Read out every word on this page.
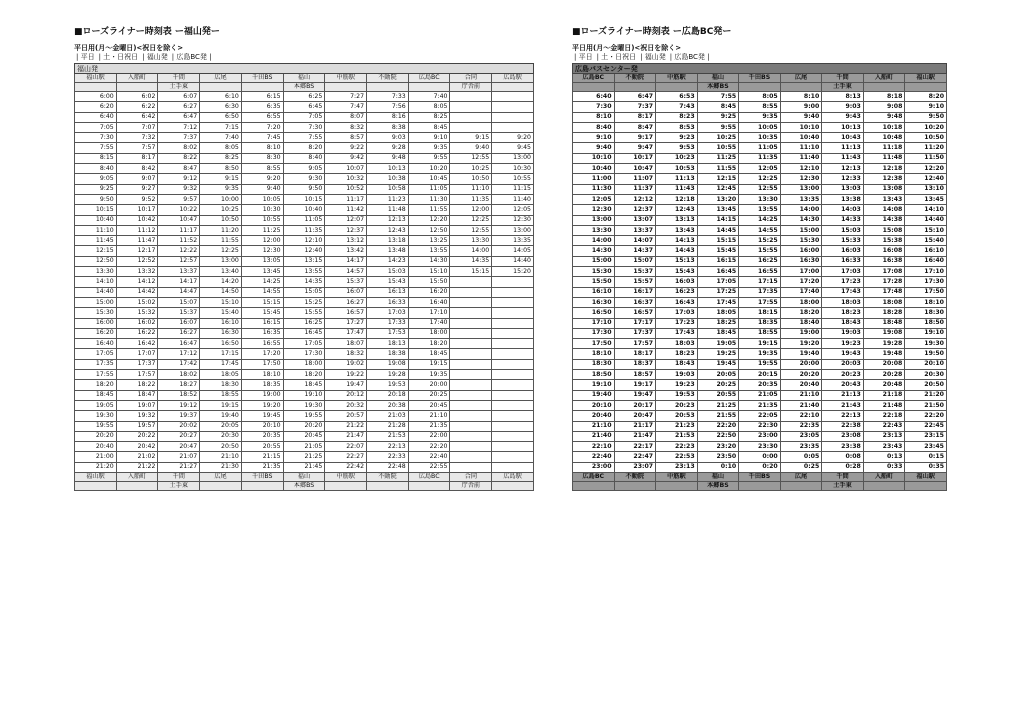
■ローズライナー時刻表 ー福山発ー
平日用(月～金曜日)<祝日を除く>
| 平日 | 土・日祝日 | 福山発 | 広島BC発 |
福山発										
福山駅	入船町	千間	広尾	千田BS	福山	中筋駅	不動院	広島BC	合同	広島駅
		土手東			本郷BS				庁舎前	
6:00	6:02	6:07	6:10	6:15	6:25	7:27	7:33	7:40		
6:20	6:22	6:27	6:30	6:35	6:45	7:47	7:56	8:05		
6:40	6:42	6:47	6:50	6:55	7:05	8:07	8:16	8:25		
7:05	7:07	7:12	7:15	7:20	7:30	8:32	8:38	8:45		
7:30	7:32	7:37	7:40	7:45	7:55	8:57	9:03	9:10	9:15	9:20
7:55	7:57	8:02	8:05	8:10	8:20	9:22	9:28	9:35	9:40	9:45
8:15	8:17	8:22	8:25	8:30	8:40	9:42	9:48	9:55	12:55	13:00
8:40	8:42	8:47	8:50	8:55	9:05	10:07	10:13	10:20	10:25	10:30
9:05	9:07	9:12	9:15	9:20	9:30	10:32	10:38	10:45	10:50	10:55
9:25	9:27	9:32	9:35	9:40	9:50	10:52	10:58	11:05	11:10	11:15
9:50	9:52	9:57	10:00	10:05	10:15	11:17	11:23	11:30	11:35	11:40
10:15	10:17	10:22	10:25	10:30	10:40	11:42	11:48	11:55	12:00	12:05
10:40	10:42	10:47	10:50	10:55	11:05	12:07	12:13	12:20	12:25	12:30
11:10	11:12	11:17	11:20	11:25	11:35	12:37	12:43	12:50	12:55	13:00
11:45	11:47	11:52	11:55	12:00	12:10	13:12	13:18	13:25	13:30	13:35
12:15	12:17	12:22	12:25	12:30	12:40	13:42	13:48	13:55	14:00	14:05
12:50	12:52	12:57	13:00	13:05	13:15	14:17	14:23	14:30	14:35	14:40
13:30	13:32	13:37	13:40	13:45	13:55	14:57	15:03	15:10	15:15	15:20
14:10	14:12	14:17	14:20	14:25	14:35	15:37	15:43	15:50		
14:40	14:42	14:47	14:50	14:55	15:05	16:07	16:13	16:20		
15:00	15:02	15:07	15:10	15:15	15:25	16:27	16:33	16:40		
15:30	15:32	15:37	15:40	15:45	15:55	16:57	17:03	17:10		
16:00	16:02	16:07	16:10	16:15	16:25	17:27	17:33	17:40		
16:20	16:22	16:27	16:30	16:35	16:45	17:47	17:53	18:00		
16:40	16:42	16:47	16:50	16:55	17:05	18:07	18:13	18:20		
17:05	17:07	17:12	17:15	17:20	17:30	18:32	18:38	18:45		
17:35	17:37	17:42	17:45	17:50	18:00	19:02	19:08	19:15		
17:55	17:57	18:02	18:05	18:10	18:20	19:22	19:28	19:35		
18:20	18:22	18:27	18:30	18:35	18:45	19:47	19:53	20:00		
18:45	18:47	18:52	18:55	19:00	19:10	20:12	20:18	20:25		
19:05	19:07	19:12	19:15	19:20	19:30	20:32	20:38	20:45		
19:30	19:32	19:37	19:40	19:45	19:55	20:57	21:03	21:10		
19:55	19:57	20:02	20:05	20:10	20:20	21:22	21:28	21:35		
20:20	20:22	20:27	20:30	20:35	20:45	21:47	21:53	22:00		
20:40	20:42	20:47	20:50	20:55	21:05	22:07	22:13	22:20		
21:00	21:02	21:07	21:10	21:15	21:25	22:27	22:33	22:40		
21:20	21:22	21:27	21:30	21:35	21:45	22:42	22:48	22:55		
福山駅	入船町	千間	広尾	千田BS	福山	中筋駅	不動院	広島BC	合同	広島駅
		土手東			本郷BS				庁舎前	
■ローズライナー時刻表 ー広島BC発ー
平日用(月～金曜日)<祝日を除く>
| 平日 | 土・日祝日 | 福山発 | 広島BC発 |
広島バスセンター発								
広島BC	不動院	中筋駅	福山	千田BS	広尾	千間	入船町	福山駅
			本郷BS			土手東		
6:40	6:47	6:53	7:55	8:05	8:10	8:13	8:18	8:20
7:30	7:37	7:43	8:45	8:55	9:00	9:03	9:08	9:10
8:10	8:17	8:23	9:25	9:35	9:40	9:43	9:48	9:50
8:40	8:47	8:53	9:55	10:05	10:10	10:13	10:18	10:20
9:10	9:17	9:23	10:25	10:35	10:40	10:43	10:48	10:50
9:40	9:47	9:53	10:55	11:05	11:10	11:13	11:18	11:20
10:10	10:17	10:23	11:25	11:35	11:40	11:43	11:48	11:50
10:40	10:47	10:53	11:55	12:05	12:10	12:13	12:18	12:20
11:00	11:07	11:13	12:15	12:25	12:30	12:33	12:38	12:40
11:30	11:37	11:43	12:45	12:55	13:00	13:03	13:08	13:10
12:05	12:12	12:18	13:20	13:30	13:35	13:38	13:43	13:45
12:30	12:37	12:43	13:45	13:55	14:00	14:03	14:08	14:10
13:00	13:07	13:13	14:15	14:25	14:30	14:33	14:38	14:40
13:30	13:37	13:43	14:45	14:55	15:00	15:03	15:08	15:10
14:00	14:07	14:13	15:15	15:25	15:30	15:33	15:38	15:40
14:30	14:37	14:43	15:45	15:55	16:00	16:03	16:08	16:10
15:00	15:07	15:13	16:15	16:25	16:30	16:33	16:38	16:40
15:30	15:37	15:43	16:45	16:55	17:00	17:03	17:08	17:10
15:50	15:57	16:03	17:05	17:15	17:20	17:23	17:28	17:30
16:10	16:17	16:23	17:25	17:35	17:40	17:43	17:48	17:50
16:30	16:37	16:43	17:45	17:55	18:00	18:03	18:08	18:10
16:50	16:57	17:03	18:05	18:15	18:20	18:23	18:28	18:30
17:10	17:17	17:23	18:25	18:35	18:40	18:43	18:48	18:50
17:30	17:37	17:43	18:45	18:55	19:00	19:03	19:08	19:10
17:50	17:57	18:03	19:05	19:15	19:20	19:23	19:28	19:30
18:10	18:17	18:23	19:25	19:35	19:40	19:43	19:48	19:50
18:30	18:37	18:43	19:45	19:55	20:00	20:03	20:08	20:10
18:50	18:57	19:03	20:05	20:15	20:20	20:23	20:28	20:30
19:10	19:17	19:23	20:25	20:35	20:40	20:43	20:48	20:50
19:40	19:47	19:53	20:55	21:05	21:10	21:13	21:18	21:20
20:10	20:17	20:23	21:25	21:35	21:40	21:43	21:48	21:50
20:40	20:47	20:53	21:55	22:05	22:10	22:13	22:18	22:20
21:10	21:17	21:23	22:20	22:30	22:35	22:38	22:43	22:45
21:40	21:47	21:53	22:50	23:00	23:05	23:08	23:13	23:15
22:10	22:17	22:23	23:20	23:30	23:35	23:38	23:43	23:45
22:40	22:47	22:53	23:50	0:00	0:05	0:08	0:13	0:15
23:00	23:07	23:13	0:10	0:20	0:25	0:28	0:33	0:35
広島BC	不動院	中筋駅	福山	千田BS	広尾	千間	入船町	福山駅
			本郷BS			土手東		
